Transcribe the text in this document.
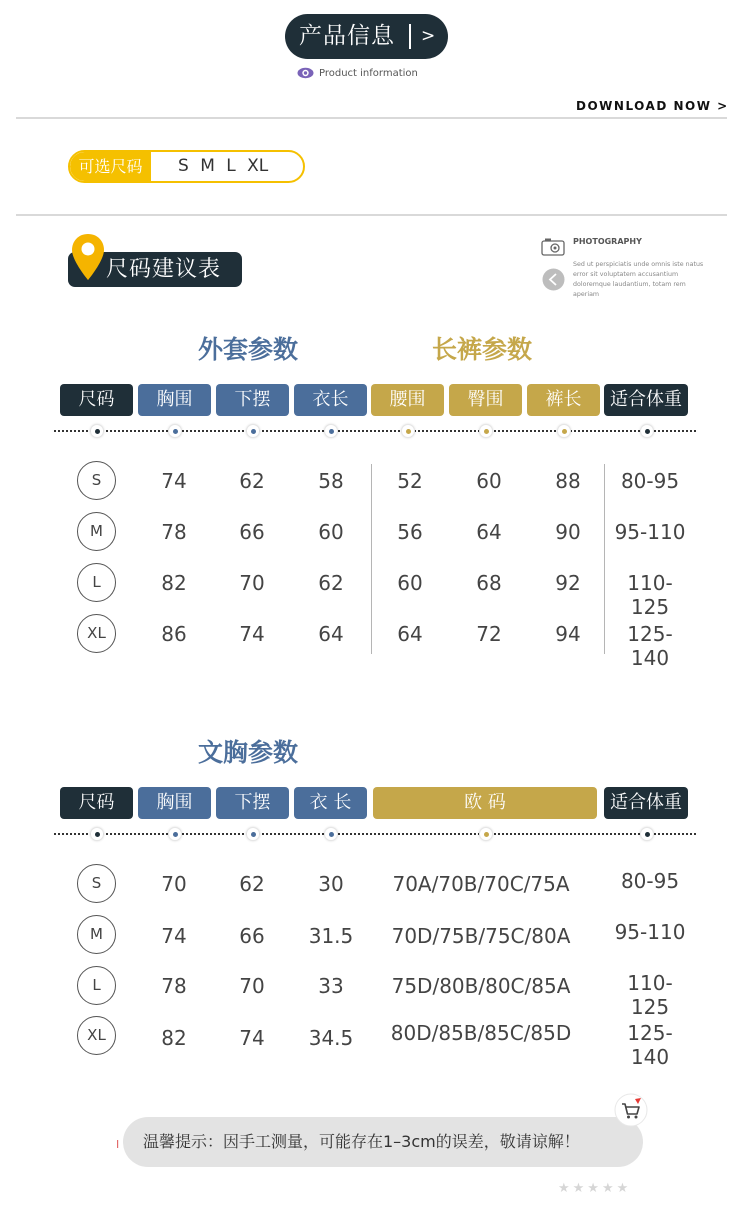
产品信息 >
Product information
DOWNLOAD NOW >
可选尺码	S M L XL
尺码建议表
PHOTOGRAPHY
Sed ut perspiciatis unde omnis iste natus
error sit voluptatem accusantium
doloremque laudantium, totam rem aperiam
外套参数	长裤参数
尺码	胸围	下摆	衣长	腰围	臀围	裤长	适合体重
S	74	62	58	52	60	88	80-95
M	78	66	60	56	64	90	95-110
L	82	70	62	60	68	92	110-125
XL	86	74	64	64	72	94	125-140
文胸参数
尺码	胸围	下摆	衣 长	欧 码	适合体重
S	70	62	30	70A/70B/70C/75A	80-95
M	74	66	31.5	70D/75B/75C/80A	95-110
L	78	70	33	75D/80B/80C/85A	110-125
XL	82	74	34.5	80D/85B/85C/85D	125-140
I 温馨提示：因手工测量，可能存在1–3cm的误差，敬请谅解！
★★★★★
